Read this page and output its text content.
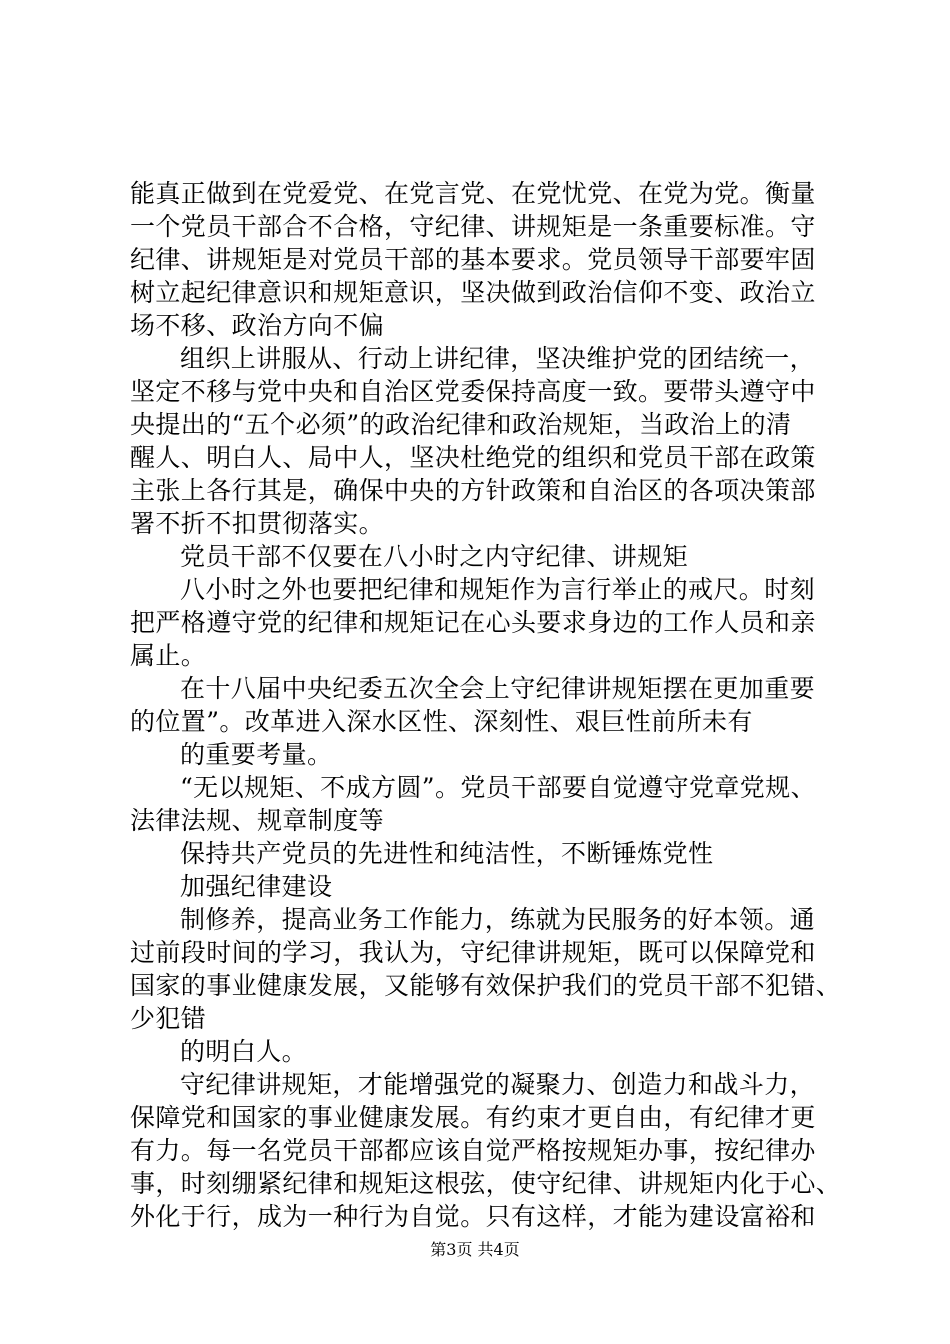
能真正做到在党爱党、在党言党、在党忧党、在党为党。衡量
一个党员干部合不合格，守纪律、讲规矩是一条重要标准。守
纪律、讲规矩是对党员干部的基本要求。党员领导干部要牢固
树立起纪律意识和规矩意识，坚决做到政治信仰不变、政治立
场不移、政治方向不偏
组织上讲服从、行动上讲纪律，坚决维护党的团结统一，
坚定不移与党中央和自治区党委保持高度一致。要带头遵守中
央提出的“五个必须”的政治纪律和政治规矩，当政治上的清
醒人、明白人、局中人，坚决杜绝党的组织和党员干部在政策
主张上各行其是，确保中央的方针政策和自治区的各项决策部
署不折不扣贯彻落实。
党员干部不仅要在八小时之内守纪律、讲规矩
八小时之外也要把纪律和规矩作为言行举止的戒尺。时刻
把严格遵守党的纪律和规矩记在心头要求身边的工作人员和亲
属止。
在十八届中央纪委五次全会上守纪律讲规矩摆在更加重要
的位置”。改革进入深水区性、深刻性、艰巨性前所未有
的重要考量。
“无以规矩、不成方圆”。党员干部要自觉遵守党章党规、
法律法规、规章制度等
保持共产党员的先进性和纯洁性，不断锤炼党性
加强纪律建设
制修养，提高业务工作能力，练就为民服务的好本领。通
过前段时间的学习，我认为，守纪律讲规矩，既可以保障党和
国家的事业健康发展，又能够有效保护我们的党员干部不犯错、
少犯错
的明白人。
守纪律讲规矩，才能增强党的凝聚力、创造力和战斗力，
保障党和国家的事业健康发展。有约束才更自由，有纪律才更
有力。每一名党员干部都应该自觉严格按规矩办事，按纪律办
事，时刻绷紧纪律和规矩这根弦，使守纪律、讲规矩内化于心、
外化于行，成为一种行为自觉。只有这样，才能为建设富裕和
第3页 共4页
